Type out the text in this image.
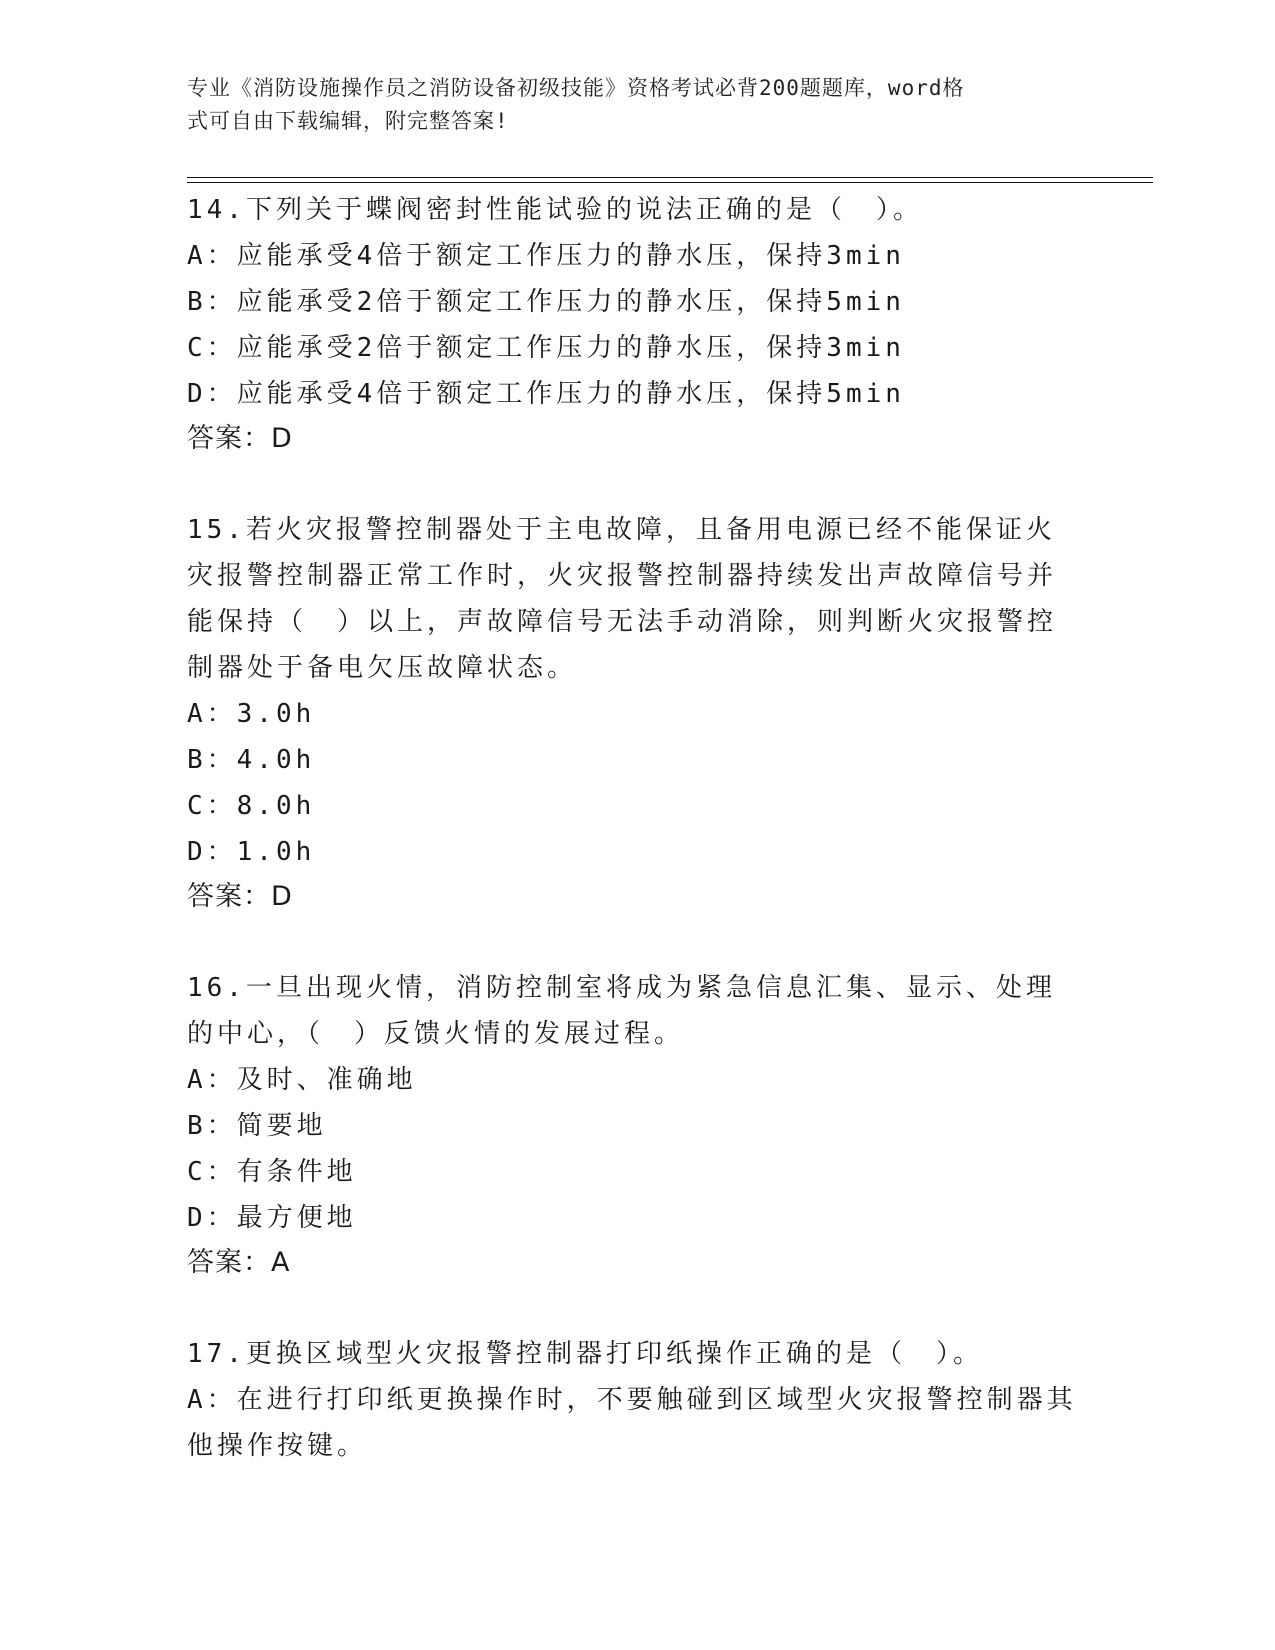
专业《消防设施操作员之消防设备初级技能》资格考试必背200题题库，word格
式可自由下载编辑，附完整答案!

14.下列关于蝶阀密封性能试验的说法正确的是（　）。

A：应能承受4倍于额定工作压力的静水压，保持3min

B：应能承受2倍于额定工作压力的静水压，保持5min

C：应能承受2倍于额定工作压力的静水压，保持3min

D：应能承受4倍于额定工作压力的静水压，保持5min

答案：D

15.若火灾报警控制器处于主电故障，且备用电源已经不能保证火灾报警控制器正常工作时，火灾报警控制器持续发出声故障信号并能保持（　）以上，声故障信号无法手动消除，则判断火灾报警控制器处于备电欠压故障状态。

A：3.0h

B：4.0h

C：8.0h

D：1.0h

答案：D

16.一旦出现火情，消防控制室将成为紧急信息汇集、显示、处理的中心，（　）反馈火情的发展过程。

A：及时、准确地

B：简要地

C：有条件地

D：最方便地

答案：A

17.更换区域型火灾报警控制器打印纸操作正确的是（　）。

A：在进行打印纸更换操作时，不要触碰到区域型火灾报警控制器其他操作按键。
